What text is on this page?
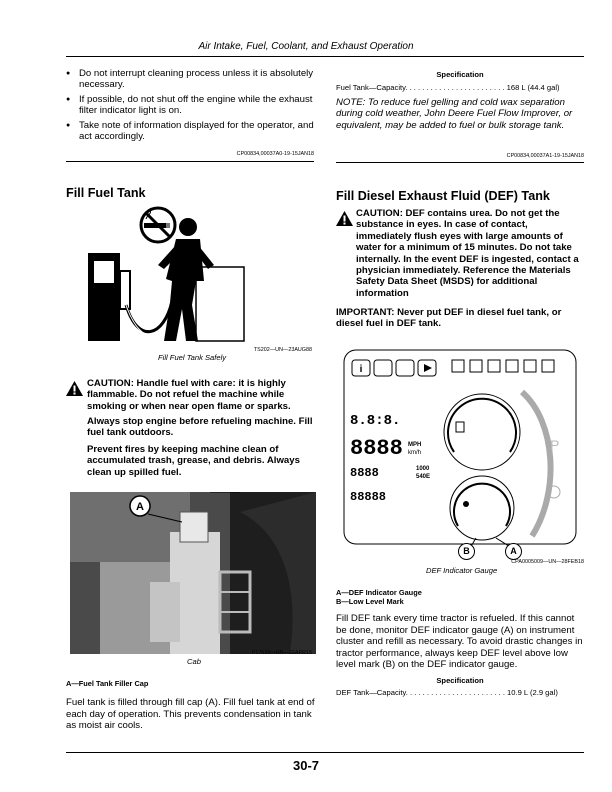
Air Intake, Fuel, Coolant, and Exhaust Operation
● Do not interrupt cleaning process unless it is absolutely necessary.
● If possible, do not shut off the engine while the exhaust filter indicator light is on.
● Take note of information displayed for the operator, and act accordingly.
CP00834,00037A0-19-15JAN18
Specification
Fuel Tank—Capacity. . . . . . . . . . . . . . . . . . . . . . . . 168 L (44.4 gal)
NOTE: To reduce fuel gelling and cold wax separation during cold weather, John Deere Fuel Flow Improver, or equivalent, may be added to fuel or bulk storage tank.
CP00834,00037A1-19-15JAN18
Fill Fuel Tank
TS202—UN—23AUG88
Fill Fuel Tank Safely
CAUTION: Handle fuel with care: it is highly flammable. Do not refuel the machine while smoking or when near open flame or sparks.
Always stop engine before refueling machine. Fill fuel tank outdoors.
Prevent fires by keeping machine clean of accumulated trash, grease, and debris. Always clean up spilled fuel.
A
P17639—UN—22APR15
Cab
A—Fuel Tank Filler Cap
Fuel tank is filled through fill cap (A). Fill fuel tank at end of each day of operation. This prevents condensation in tank as moist air cools.
Fill Diesel Exhaust Fluid (DEF) Tank
CAUTION: DEF contains urea. Do not get the substance in eyes. In case of contact, immediately flush eyes with large amounts of water for a minimum of 15 minutes. Do not take internally. In the event DEF is ingested, contact a physician immediately. Reference the Materials Safety Data Sheet (MSDS) for additional information
IMPORTANT: Never put DEF in diesel fuel tank, or diesel fuel in DEF tank.
i
8.8:8.
8888
8888
88888
MPH
km/h
1000
540E
P
B	A
CPA0005009—UN—28FEB18
DEF Indicator Gauge
A—DEF Indicator Gauge
B—Low Level Mark
Fill DEF tank every time tractor is refueled. If this cannot be done, monitor DEF indicator gauge (A) on instrument cluster and refill as necessary. To avoid drastic changes in tractor performance, always keep DEF level above low level mark (B) on the DEF indicator gauge.
Specification
DEF Tank—Capacity. . . . . . . . . . . . . . . . . . . . . . . . 10.9 L (2.9 gal)
30-7
